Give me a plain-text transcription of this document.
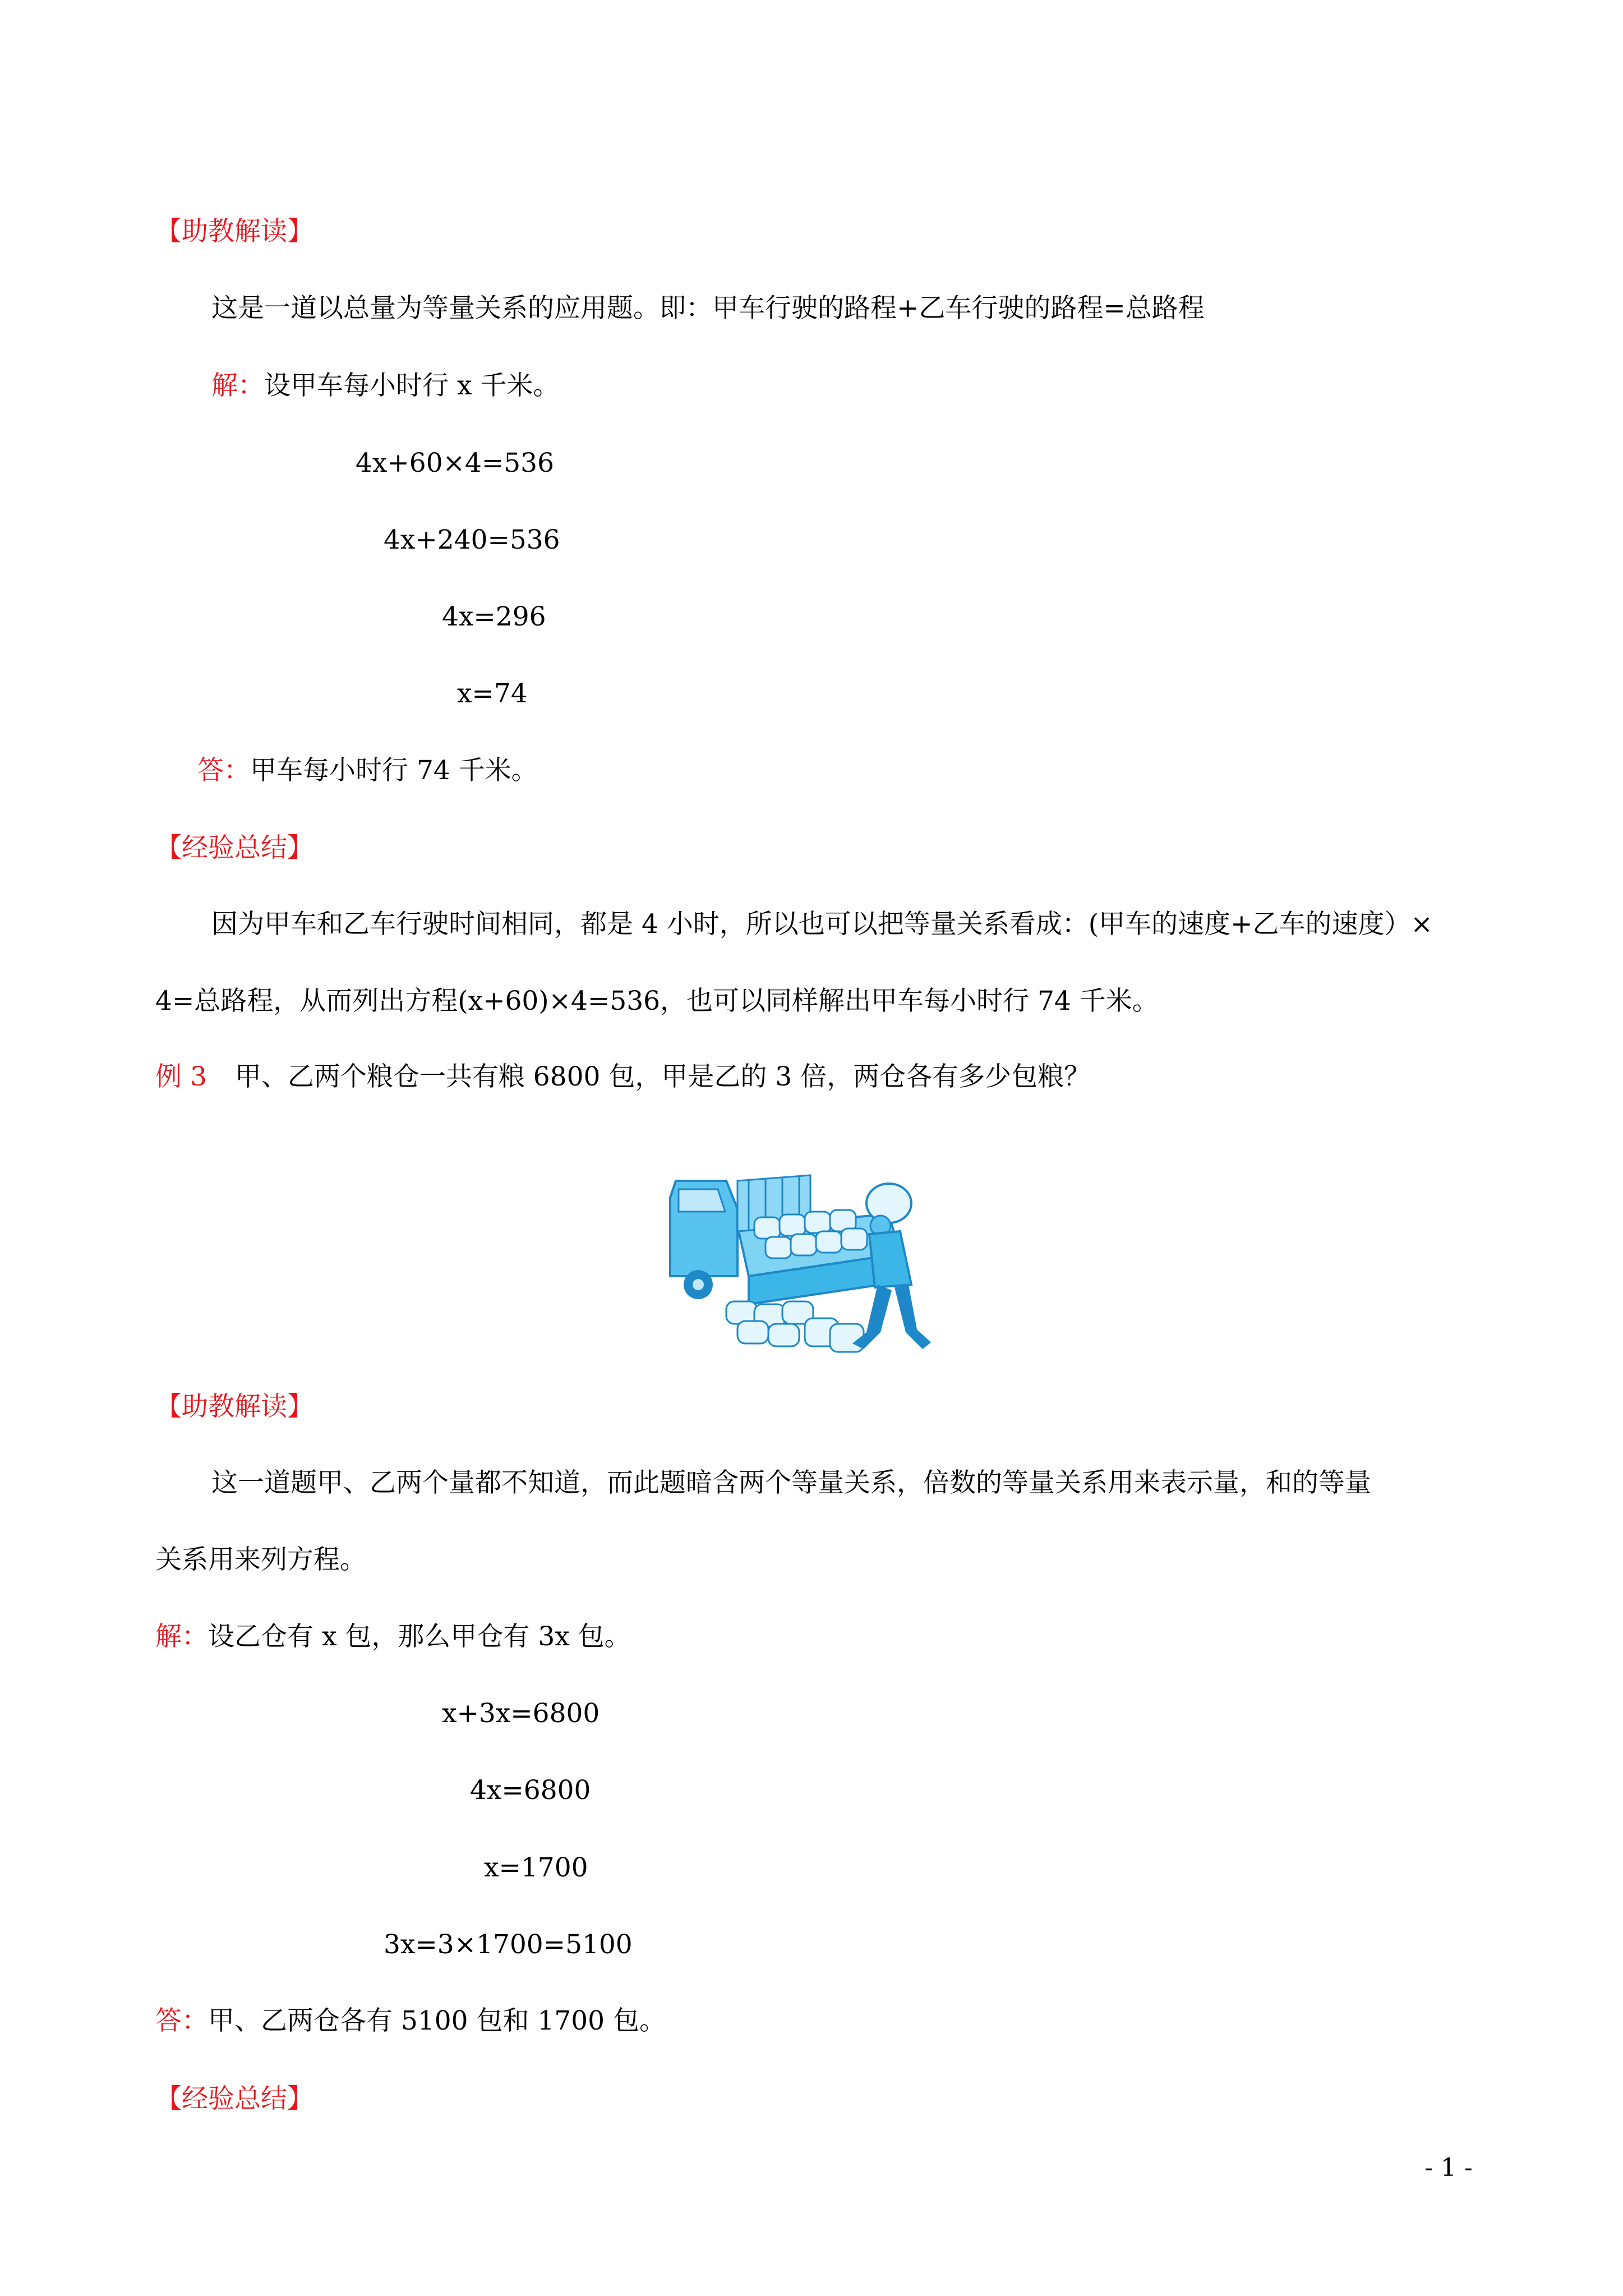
【助教解读】
这是一道以总量为等量关系的应用题。即：甲车行驶的路程+乙车行驶的路程=总路程
解：设甲车每小时行 x 千米。
4x+60×4=536
4x+240=536
4x=296
x=74
答：甲车每小时行 74 千米。
【经验总结】
因为甲车和乙车行驶时间相同，都是 4 小时，所以也可以把等量关系看成：(甲车的速度+乙车的速度）×
4=总路程，从而列出方程(x+60)×4=536，也可以同样解出甲车每小时行 74 千米。
例 3 甲、乙两个粮仓一共有粮 6800 包，甲是乙的 3 倍，两仓各有多少包粮？
【助教解读】
这一道题甲、乙两个量都不知道，而此题暗含两个等量关系，倍数的等量关系用来表示量，和的等量
关系用来列方程。
解：设乙仓有 x 包，那么甲仓有 3x 包。
x+3x=6800
4x=6800
x=1700
3x=3×1700=5100
答：甲、乙两仓各有 5100 包和 1700 包。
【经验总结】
- 1 -
